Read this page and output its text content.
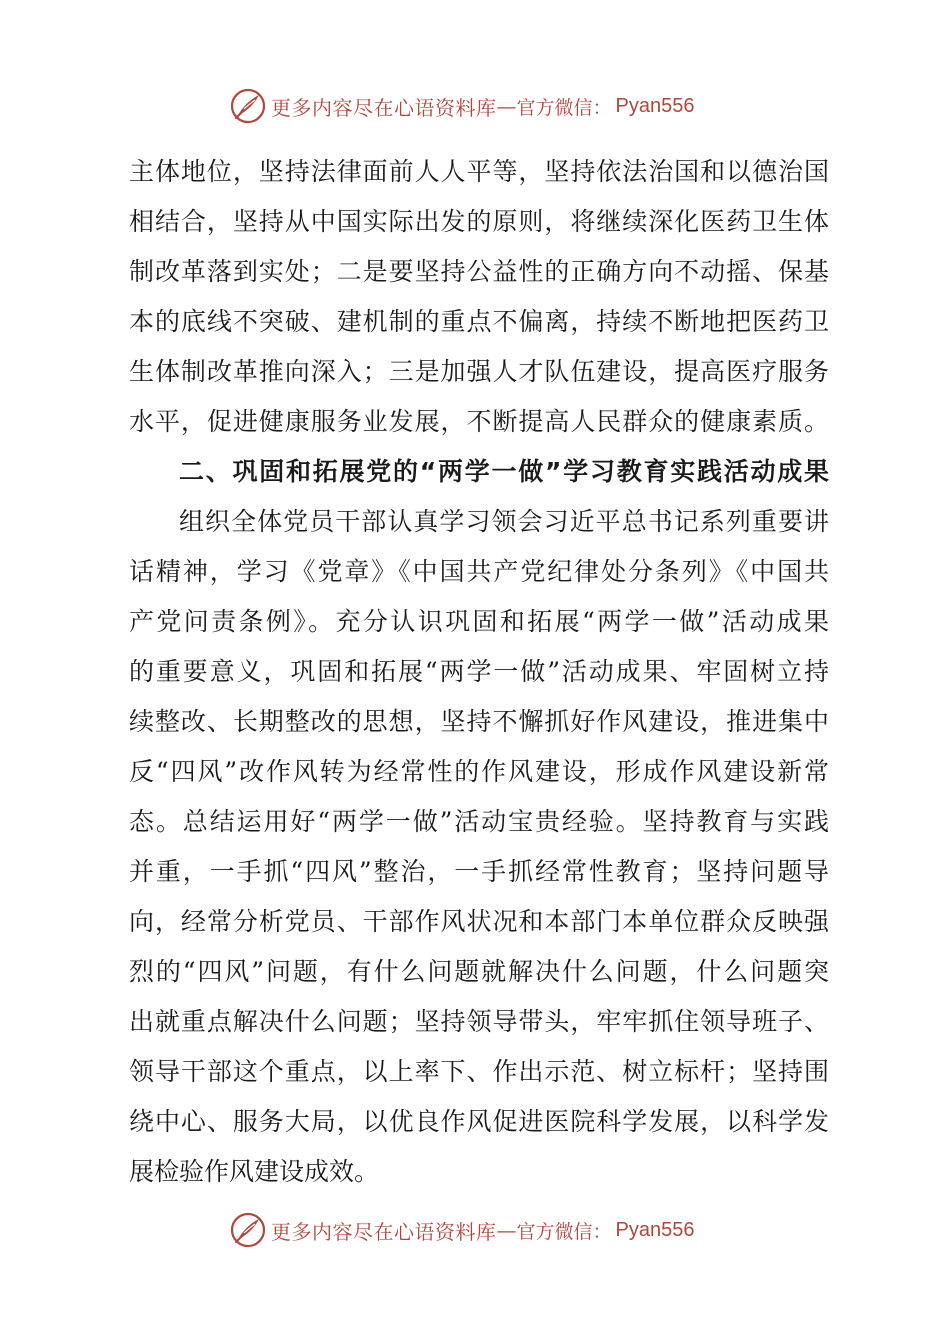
更多内容尽在心语资料库 — 官方微信： Pyan556
主体地位，坚持法律面前人人平等，坚持依法治国和以德治国
相结合，坚持从中国实际出发的原则，将继续深化医药卫生体
制改革落到实处；二是要坚持公益性的正确方向不动摇、保基
本的底线不突破、建机制的重点不偏离，持续不断地把医药卫
生体制改革推向深入；三是加强人才队伍建设，提高医疗服务
水平，促进健康服务业发展，不断提高人民群众的健康素质。
二、巩固和拓展党的“两学一做”学习教育实践活动成果
组织全体党员干部认真学习领会习近平总书记系列重要讲
话精神，学习《党章》《中国共产党纪律处分条列》《中国共
产党问责条例》。充分认识巩固和拓展“两学一做”活动成果
的重要意义，巩固和拓展“两学一做”活动成果、牢固树立持
续整改、长期整改的思想，坚持不懈抓好作风建设，推进集中
反“四风”改作风转为经常性的作风建设，形成作风建设新常
态。总结运用好“两学一做”活动宝贵经验。坚持教育与实践
并重，一手抓“四风”整治，一手抓经常性教育；坚持问题导
向，经常分析党员、干部作风状况和本部门本单位群众反映强
烈的“四风”问题，有什么问题就解决什么问题，什么问题突
出就重点解决什么问题；坚持领导带头，牢牢抓住领导班子、
领导干部这个重点，以上率下、作出示范、树立标杆；坚持围
绕中心、服务大局，以优良作风促进医院科学发展，以科学发
展检验作风建设成效。
更多内容尽在心语资料库 — 官方微信： Pyan556
